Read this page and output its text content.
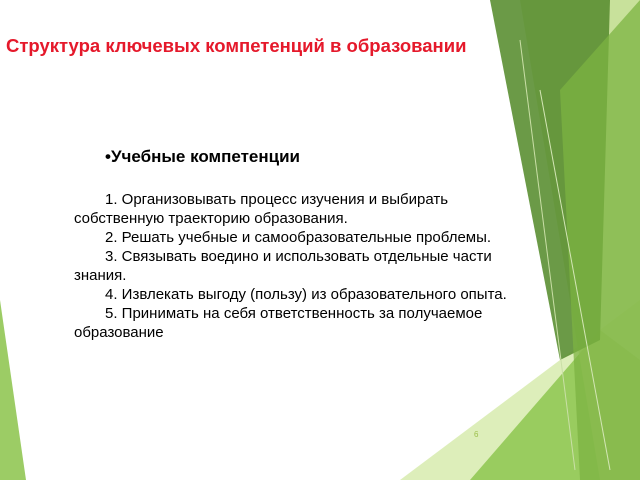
Структура ключевых компетенций в образовании

•Учебные компетенции

1. Организовывать процесс изучения и выбирать собственную траекторию образования.
2. Решать учебные и самообразовательные проблемы.
3. Связывать воедино и использовать отдельные части знания.
4. Извлекать выгоду (пользу) из образовательного опыта.
5. Принимать на себя ответственность за получаемое образование

6
